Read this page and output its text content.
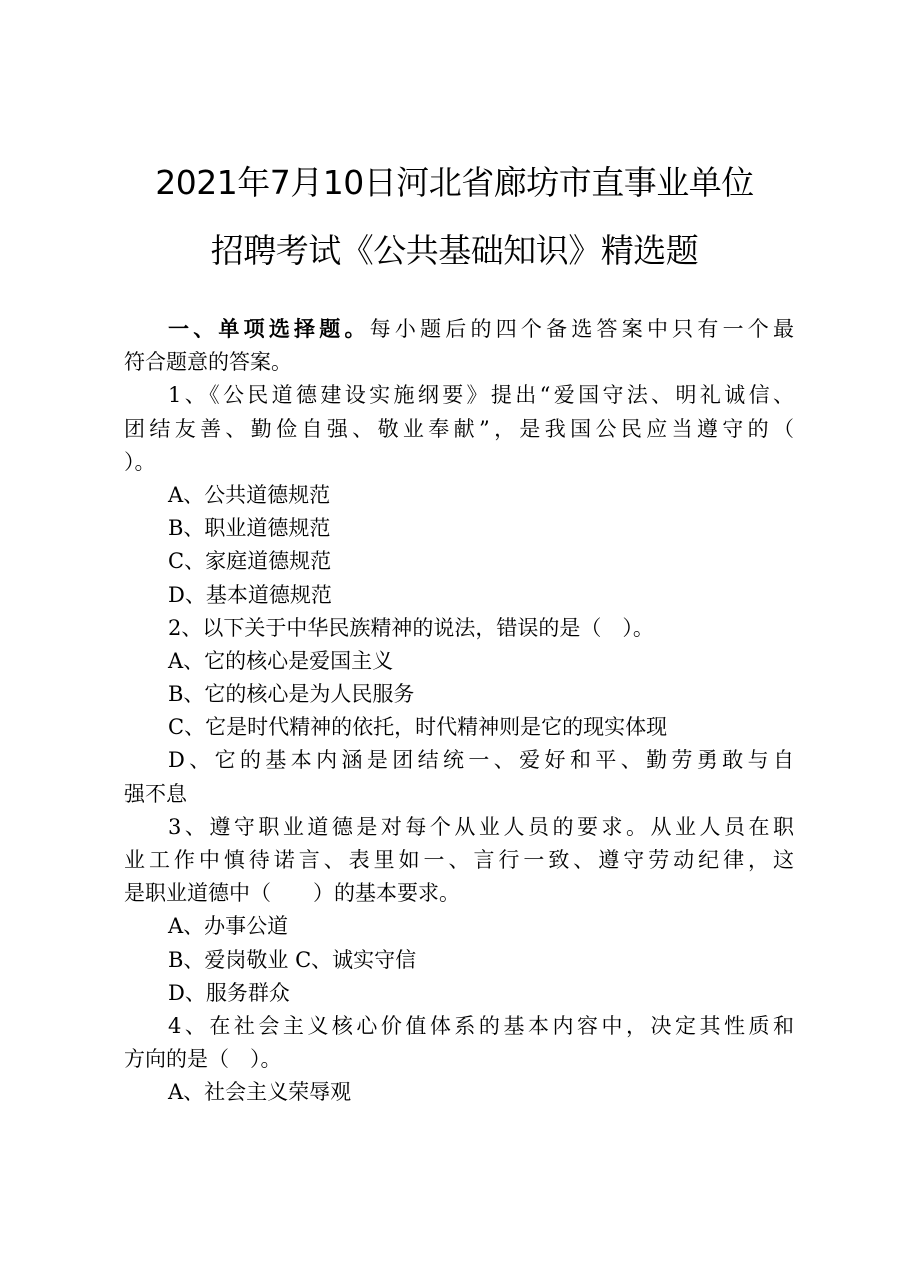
2021年7月10日河北省廊坊市直事业单位
招聘考试《公共基础知识》精选题
一、单项选择题。每小题后的四个备选答案中只有一个最
符合题意的答案。
1、《公民道德建设实施纲要》提出“爱国守法、明礼诚信、
团结友善、勤俭自强、敬业奉献”，是我国公民应当遵守的（
）。
A、公共道德规范
B、职业道德规范
C、家庭道德规范
D、基本道德规范
2、以下关于中华民族精神的说法，错误的是（　）。
A、它的核心是爱国主义
B、它的核心是为人民服务
C、它是时代精神的依托，时代精神则是它的现实体现
D、它的基本内涵是团结统一、爱好和平、勤劳勇敢与自
强不息
3、遵守职业道德是对每个从业人员的要求。从业人员在职
业工作中慎待诺言、表里如一、言行一致、遵守劳动纪律，这
是职业道德中（　　）的基本要求。
A、办事公道
B、爱岗敬业 C、诚实守信
D、服务群众
4、在社会主义核心价值体系的基本内容中，决定其性质和
方向的是（　）。
A、社会主义荣辱观
